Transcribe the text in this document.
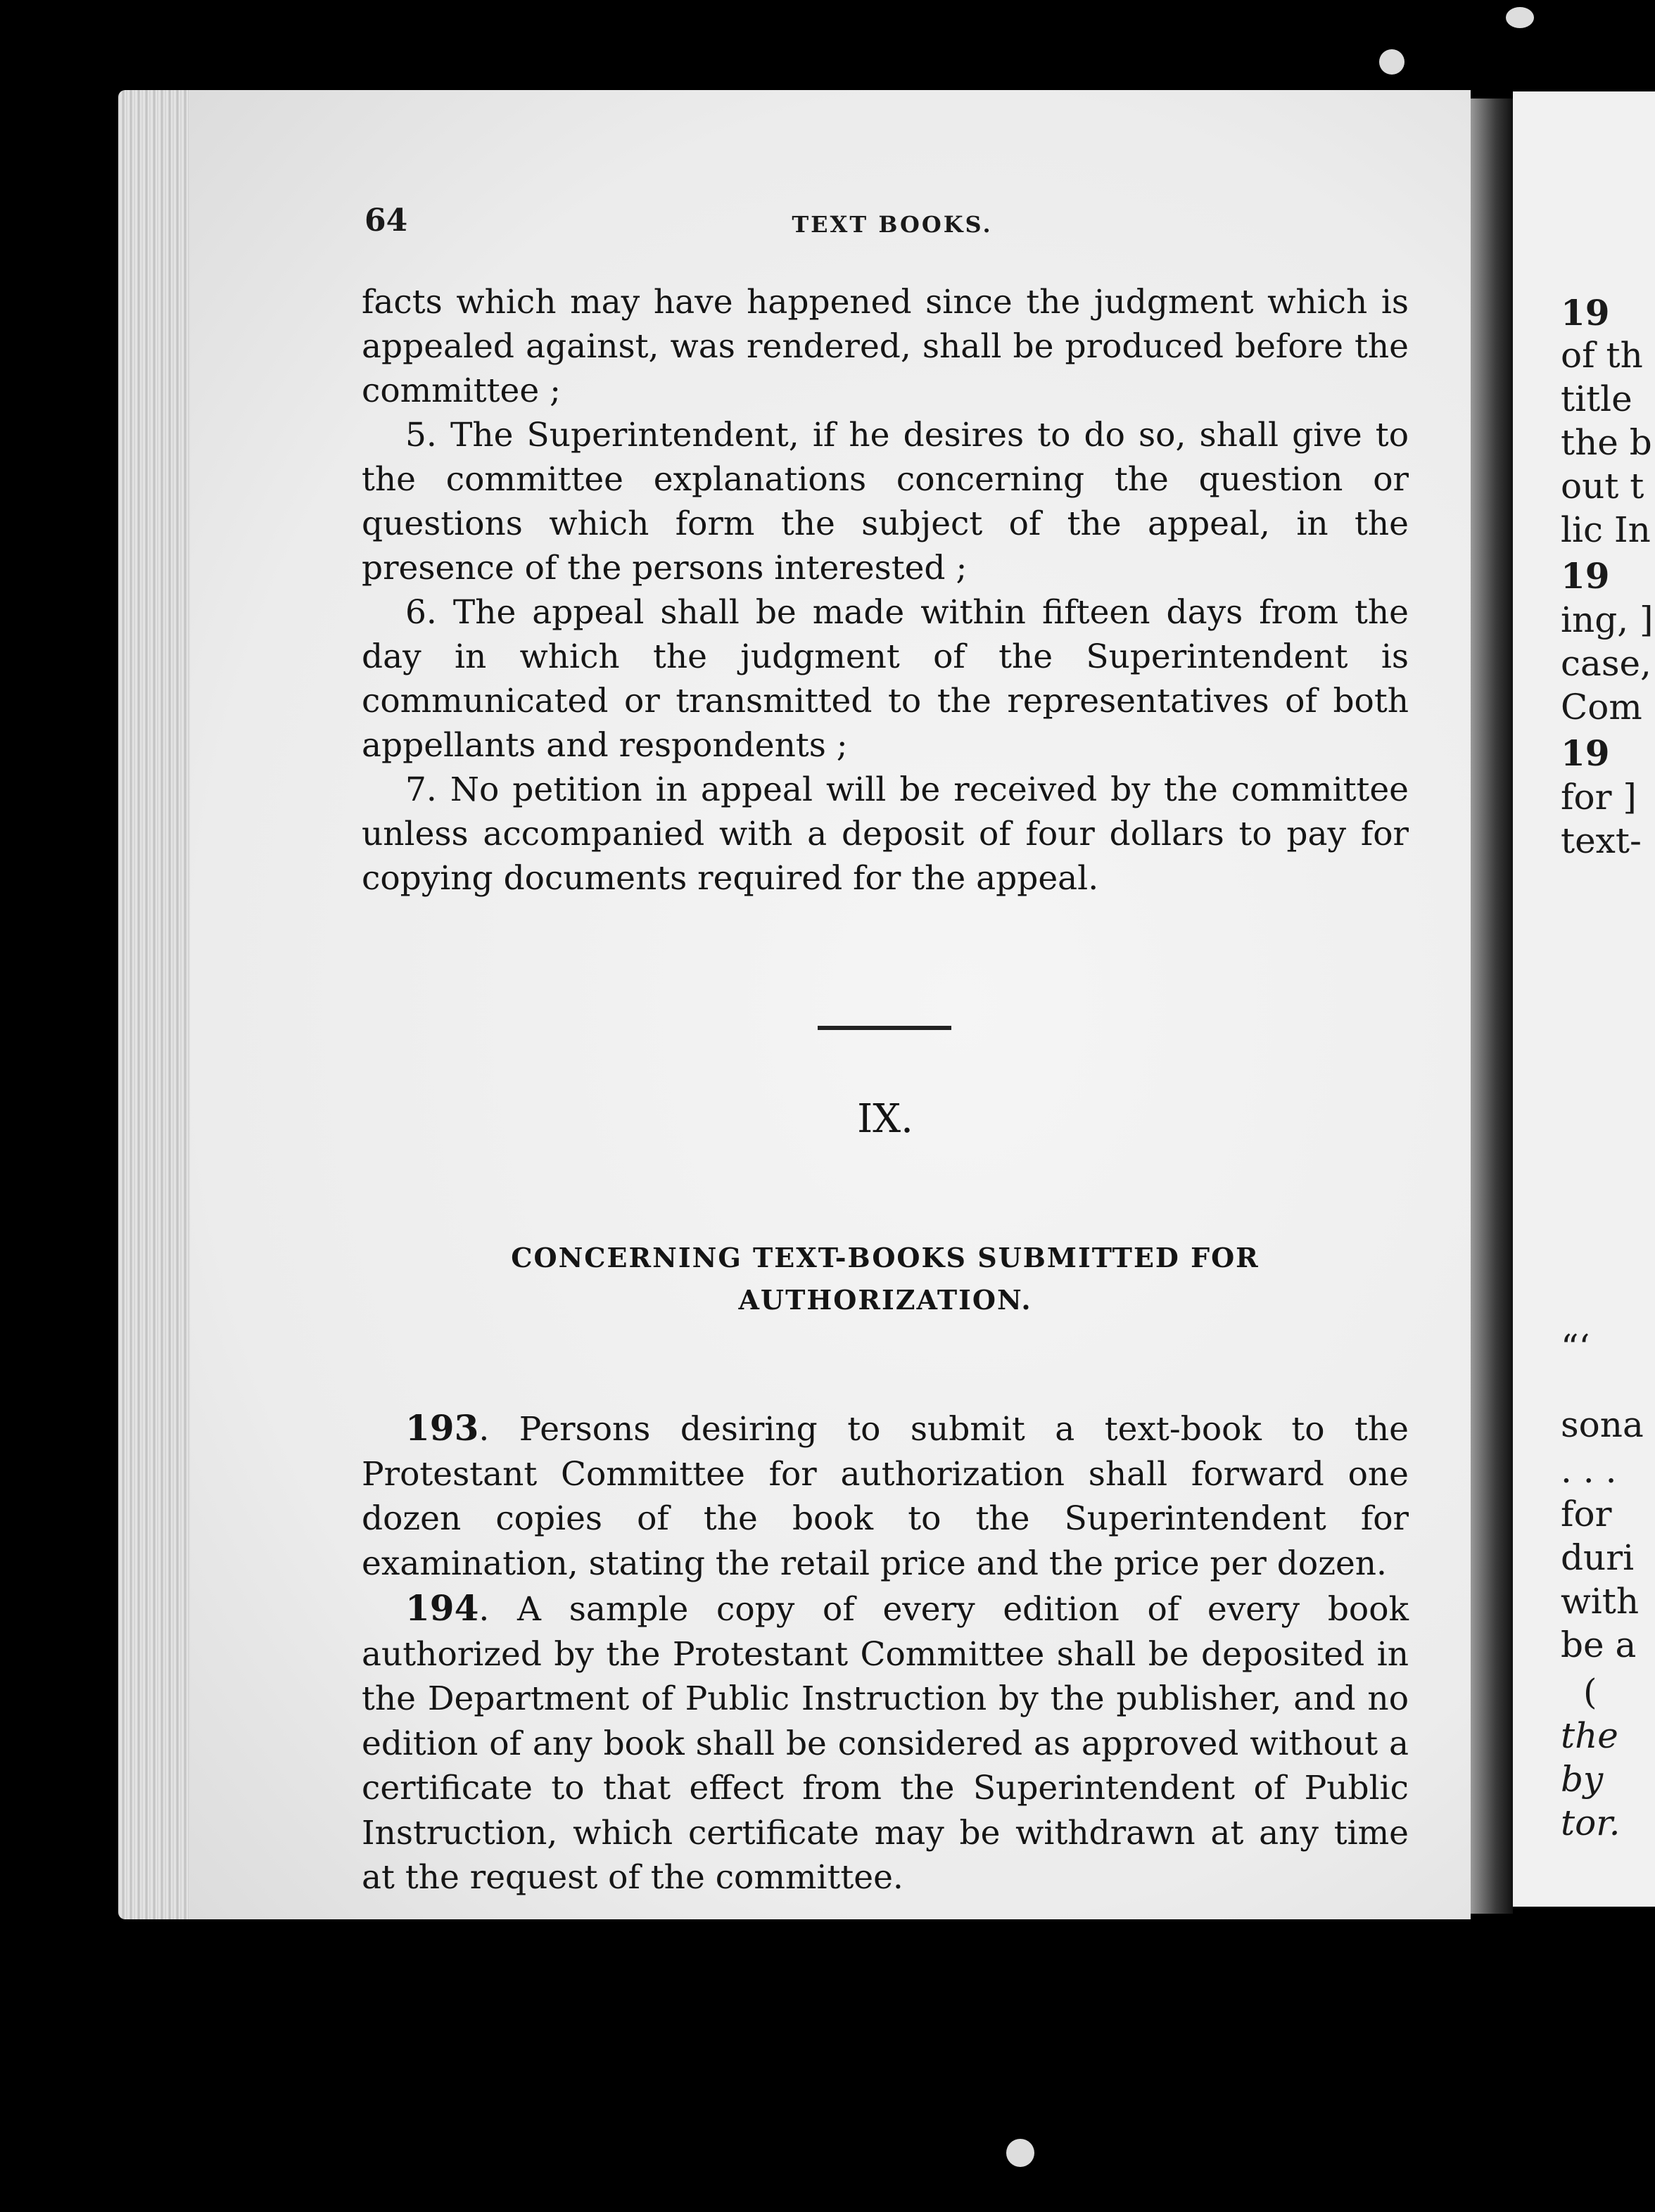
19
of th
title
the b
out t
lic In
19
ing, ]
case,
Com
19
for ]
text-
“‘
sona
. . .
for
duri
with
be a
(
the
by
tor.
64	TEXT BOOKS.

facts which may have happened since the judgment which is appealed against, was rendered, shall be produced before the committee ;

5. The Superintendent, if he desires to do so, shall give to the committee explanations concerning the question or questions which form the subject of the appeal, in the presence of the persons interested ;

6. The appeal shall be made within fifteen days from the day in which the judgment of the Superintendent is communicated or transmitted to the representatives of both appellants and respondents ;

7. No petition in appeal will be received by the committee unless accompanied with a deposit of four dollars to pay for copying documents required for the appeal.

IX.
CONCERNING TEXT-BOOKS SUBMITTED FOR
AUTHORIZATION.

193. Persons desiring to submit a text-book to the Protestant Committee for authorization shall forward one dozen copies of the book to the Superintendent for examination, stating the retail price and the price per dozen.

194. A sample copy of every edition of every book authorized by the Protestant Committee shall be deposited in the Department of Public Instruction by the publisher, and no edition of any book shall be considered as approved without a certificate to that effect from the Superintendent of Public Instruction, which certificate may be withdrawn at any time at the request of the committee.
